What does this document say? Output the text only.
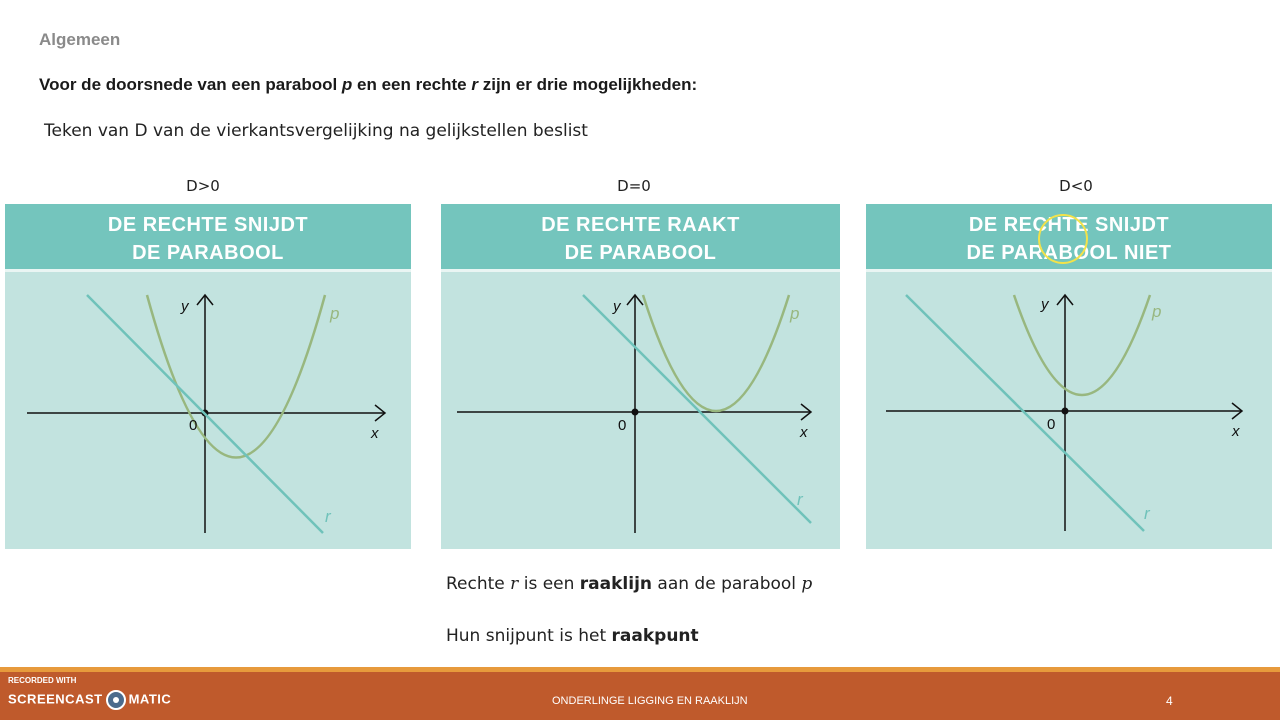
Algemeen
Voor de doorsnede van een parabool p en een rechte r zijn er drie mogelijkheden:
Teken van D van de vierkantsvergelijking na gelijkstellen beslist
D>0	D=0	D<0
DE RECHTE SNIJDT
DE PARABOOL
y
x
0
p
r
DE RECHTE RAAKT
DE PARABOOL
y
x
0
p
r
DE RECHTE SNIJDT
DE PARABOOL NIET
y
x
0
p
r
Rechte r is een raaklijn aan de parabool p
Hun snijpunt is het raakpunt
RECORDED WITH
SCREENCAST MATIC	ONDERLINGE LIGGING EN RAAKLIJN	4
